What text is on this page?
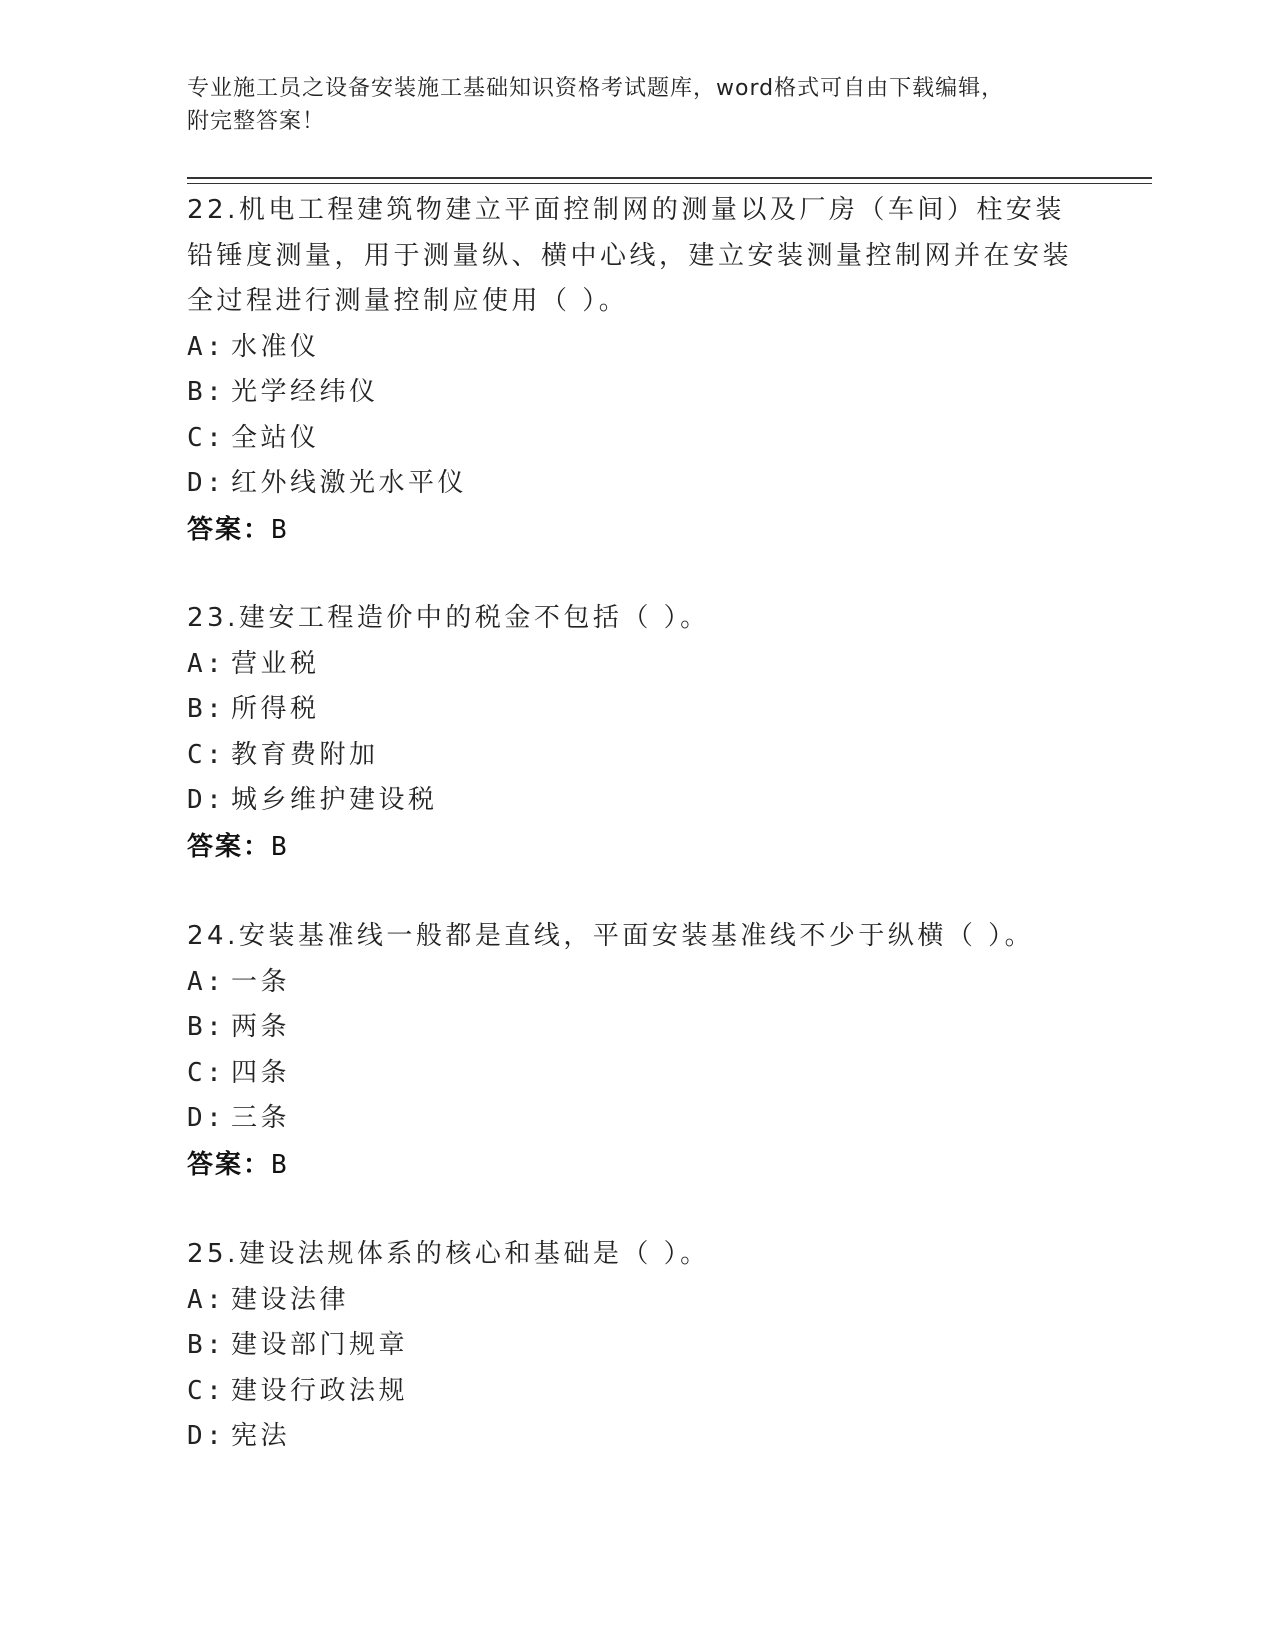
专业施工员之设备安装施工基础知识资格考试题库，word格式可自由下载编辑，
附完整答案！

22.机电工程建筑物建立平面控制网的测量以及厂房（车间）柱安装铅锤度测量，用于测量纵、横中心线，建立安装测量控制网并在安装全过程进行测量控制应使用（ ）。

A: 水准仪
B: 光学经纬仪
C: 全站仪
D: 红外线激光水平仪
答案：B

23.建安工程造价中的税金不包括（ ）。

A: 营业税
B: 所得税
C: 教育费附加
D: 城乡维护建设税
答案：B

24.安装基准线一般都是直线，平面安装基准线不少于纵横（ ）。

A: 一条
B: 两条
C: 四条
D: 三条
答案：B

25.建设法规体系的核心和基础是（ ）。

A: 建设法律
B: 建设部门规章
C: 建设行政法规
D: 宪法
